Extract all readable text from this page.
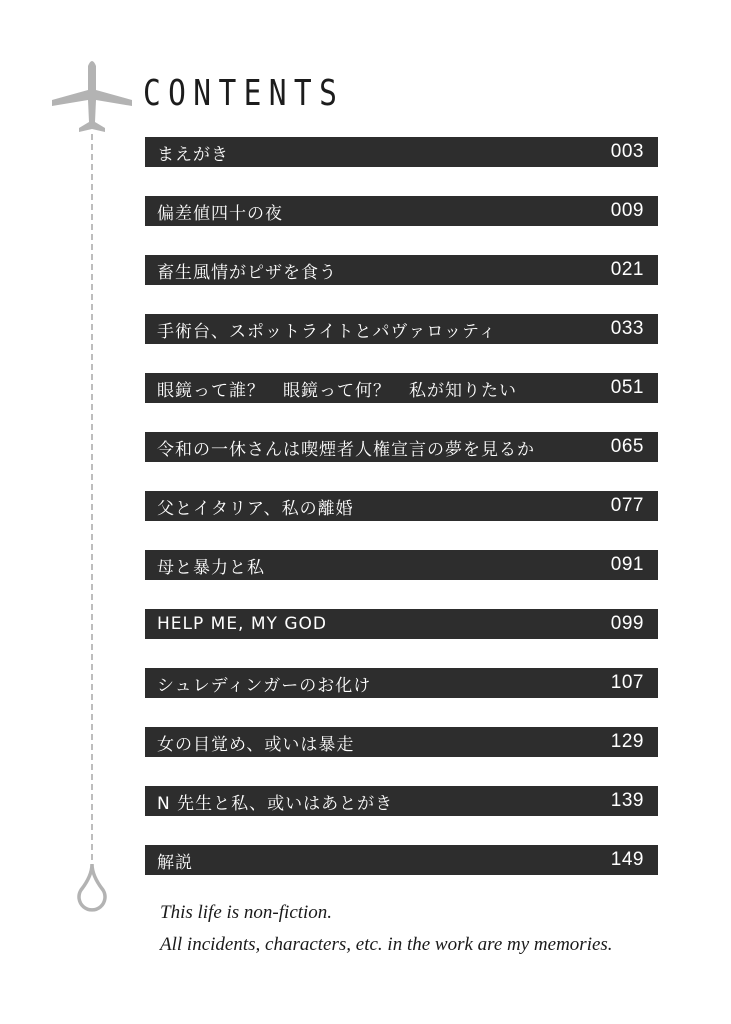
CONTENTS
まえがき	003
偏差値四十の夜	009
畜生風情がピザを食う	021
手術台、スポットライトとパヴァロッティ	033
眼鏡って誰？　眼鏡って何？　私が知りたい	051
令和の一休さんは喫煙者人権宣言の夢を見るか	065
父とイタリア、私の離婚	077
母と暴力と私	091
HELP ME, MY GOD	099
シュレディンガーのお化け	107
女の目覚め、或いは暴走	129
N 先生と私、或いはあとがき	139
解説	149

This life is non-fiction.

All incidents, characters, etc. in the work are my memories.
